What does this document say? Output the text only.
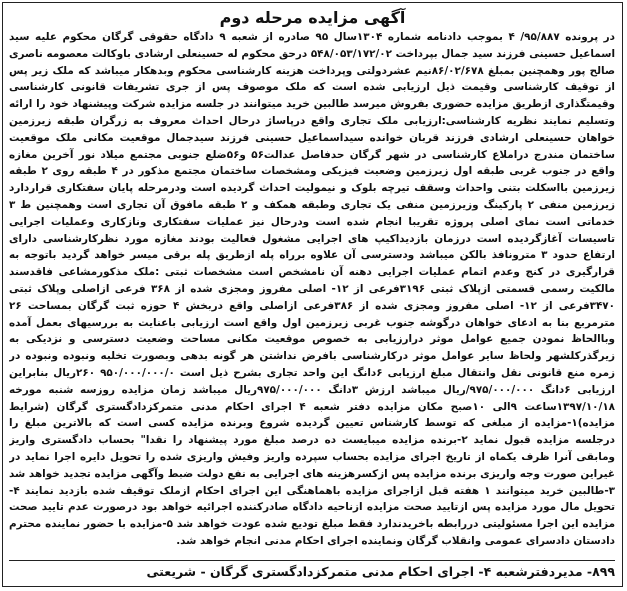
آگهی مزایده مرحله دوم
در پرونده ۹۵/۸۸۷/ ۴ بموجب دادنامه شماره ۱۳۰۴سال ۹۵ صادره از شعبه ۹ دادگاه حقوقی گرگان محکوم علیه سید اسماعیل حسینی فرزند سید جمال بپرداخت ۵۴۸/۰۵۳/۱۷۲/۰۲ درحق محکوم له حسینعلی ارشادی باوکالت معصومه ناصری صالح پور وهمچنین بمبلغ ۸۶/۰۲/۶۷۸نیم عشردولتی وپرداخت هزینه کارشناسی محکوم وبدهکار میباشد که ملک زیر پس از توقیف کارشناسی وقیمت ذیل ارزیابی شده است که ملک موصوف پس از جری تشریفات قانونی کارشناسی وقیمتگذاری ازطریق مزایده حضوری بفروش میرسد طالبین خرید میتوانند در جلسه مزایده شرکت وپیشنهاد خود را ارائه وتسلیم نمایند نظریه کارشناسی:ارزیابی ملک تجاری واقع درپاساژ درحال احداث معروف به زرگران طبقه زیرزمین خواهان حسینعلی ارشادی فرزند قربان خوانده سیداسماعیل حسینی فرزند سیدجمال موقعیت مکانی ملک موقعیت ساختمان مندرج دراملاع کارشناسی در شهر گرگان حدفاصل عدالت۵۶ و۵۶ضلع جنوبی مجتمع میلاد نور آخرین مغازه واقع در جنوب غربی طبقه اول زیرزمین وضعیت فیزیکی ومشخصات ساختمان مجتمع مذکور در ۴ طبقه روی ۲ طبقه زیرزمین بااسکلت بتنی واحداث وسقف تیرچه بلوک و نیمولیت احداث گردیده است ودرمرحله پایان سفتکاری قراردارد زیرزمین منفی ۲ پارکینگ وزیرزمین منفی یک تجاری وطبقه همکف و ۲ طبقه مافوق آن تجاری است وهمچنین ط ۳ خدماتی است نمای اصلی پروژه تقریبا انجام شده است ودرحال نیز عملیات سفتکاری ونازکاری وعملیات اجرایی تاسیسات آغازگردیده است درزمان بازدیداکیپ های اجرایی مشغول فعالیت بودند مغازه مورد نظرکارشناسی دارای ارتفاع حدود ۳ مترونافذ بالکن میباشد ودسترسی آن علاوه برراه پله ازطریق پله برقی میسر خواهد گردید باتوجه به قرارگیری در کنج وعدم اتمام عملیات اجرایی دهنه آن نامشخص است مشخصات ثبتی :ملک مذکورمشاعی فاقدسند مالکیت رسمی قسمتی ازپلاک ثبتی ۳۱۹۶فرعی از ۱۲- اصلی مفروز ومجزی شده از ۳۶۸ فرعی ازاصلی وپلاک ثبتی ۳۴۷۰فرعی از ۱۲- اصلی مفروز ومجزی شده از ۳۸۶فرعی ازاصلی واقع دربخش ۴ حوزه ثبت گرگان بمساحت ۲۶ مترمربع بنا به ادعای خواهان درگوشه جنوب غربی زیرزمین اول واقع است ارزیابی باعنایت به بررسیهای بعمل آمده وباالحاظ نمودن جمیع عوامل موثر درارزیابی به خصوص موقعیت مکانی مساحت وضعیت دسترسی و نزدیکی به زیرگذرکلشهر ولحاظ سایر عوامل موثر درکارشناسی بافرض نداشتن هر گونه بدهی وبصورت تخلیه ونبوده ونبوده در زمره منع قانونی نقل وانتقال مبلغ ارزیابی ۶دانگ این واحد تجاری بشرح ذیل است ۹۵۰/۰۰۰/۰۰۰/۰ ۲۶۰ریال بنابراین ارزیابی ۶دانگ ۹۷۵/۰۰۰/۰۰۰/ریال میباشد ارزش ۳دانگ ۹۷۵/۰۰۰/۰۰۰ریال میباشد زمان مزایده روزسه شنبه مورخه ۱۳۹۷/۱۰/۱۸ساعت ۹الی ۱۰صبح مکان مزایده دفتر شعبه ۴ اجرای احکام مدنی متمرکزدادگستری گرگان (شرایط مزایده)۱-مزایده از مبلغی که توسط کارشناس تعیین گردیده شروع وبرنده مزایده کسی است که بالاترین مبلغ را درجلسه مزایده قبول نماید ۲-برنده مزایده میبایست ده درصد مبلغ مورد پیشنهاد را نقدا" بحساب دادگستری واریز ومابقی آنرا ظرف یکماه از تاریخ اجرای مزایده بحساب سپرده واریز وفیش واریزی شده را تحویل دایره اجرا نماید در غیراین صورت وجه واریزی برنده مزایده پس ازکسرهزینه های اجرایی به نفع دولت ضبط وآگهی مزایده تجدید خواهد شد ۳-طالبین خرید میتوانند ۱ هفته قبل ازاجرای مزایده باهماهنگی این اجرای احکام ازملک توقیف شده بازدید نمایند ۴-تحویل مال مورد مزایده پس ازتایید صحت مزایده ازناحیه دادگاه صادرکننده اجرائیه خواهد بود درصورت عدم تایید صحت مزایده این اجرا مسئولیتی دررابطه باخریدندارد فقط مبلغ تودیع شده عودت خواهد شد ۵-مزایده با حضور نماینده محترم دادستان دادسرای عمومی وانقلاب گرگان ونماینده اجرای احکام مدنی انجام خواهد شد.
۸۹۹- مدیردفترشعبه ۴- اجرای احکام مدنی متمرکزدادگستری گرگان - شریعتی
